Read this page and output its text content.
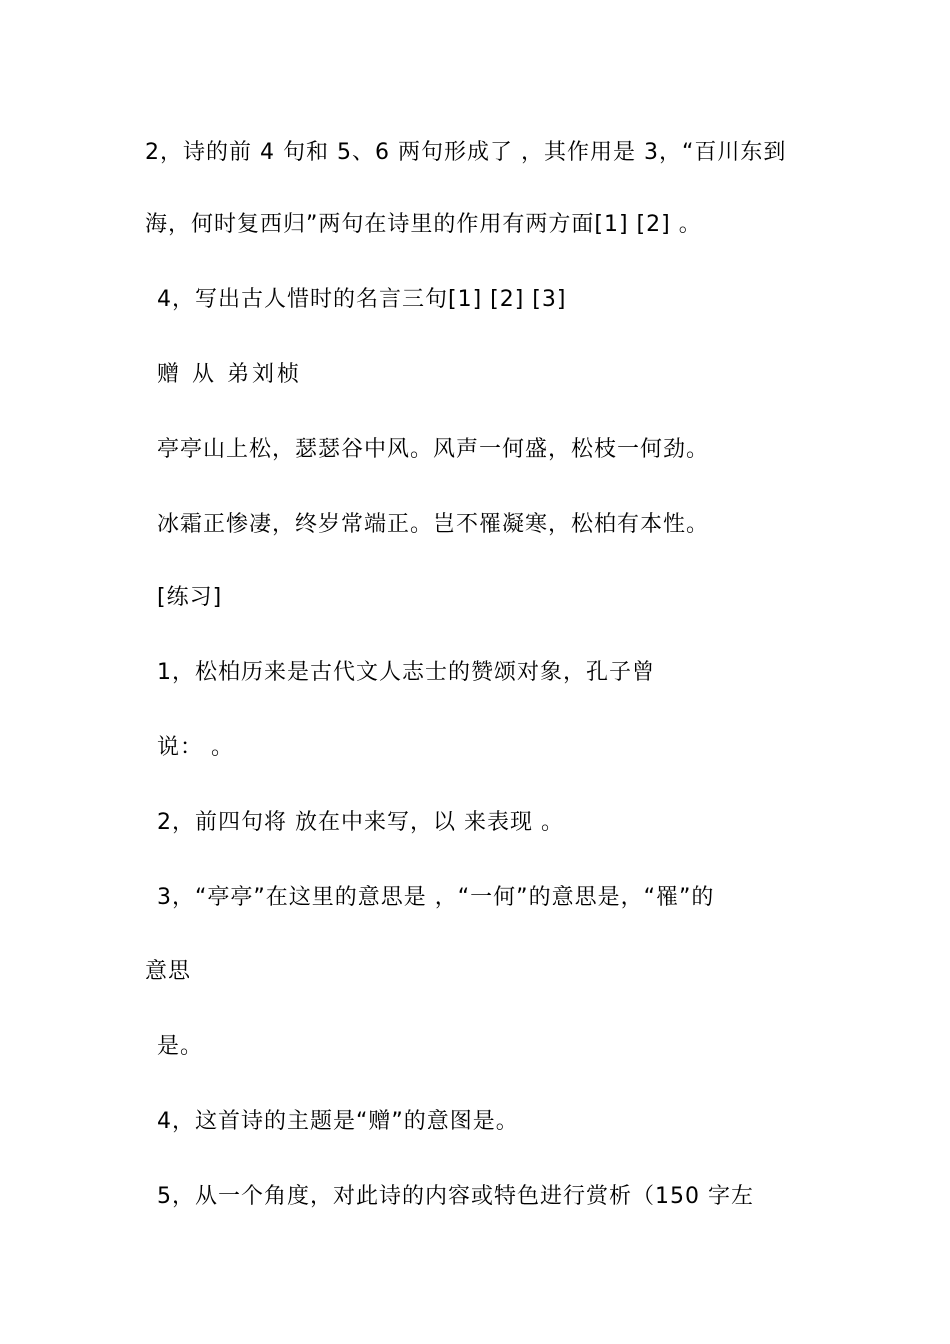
2，诗的前 4 句和 5、6 两句形成了 ，其作用是 3，“百川东到
海，何时复西归”两句在诗里的作用有两方面[1] [2] 。
4，写出古人惜时的名言三句[1] [2] [3]
赠 从 弟刘桢
亭亭山上松，瑟瑟谷中风。风声一何盛，松枝一何劲。
冰霜正惨凄，终岁常端正。岂不罹凝寒，松柏有本性。
[练习]
1，松柏历来是古代文人志士的赞颂对象，孔子曾
说： 。
2，前四句将 放在中来写，以 来表现 。
3，“亭亭”在这里的意思是 ，“一何”的意思是，“罹”的
意思
是。
4，这首诗的主题是“赠”的意图是。
5，从一个角度，对此诗的内容或特色进行赏析（150 字左
